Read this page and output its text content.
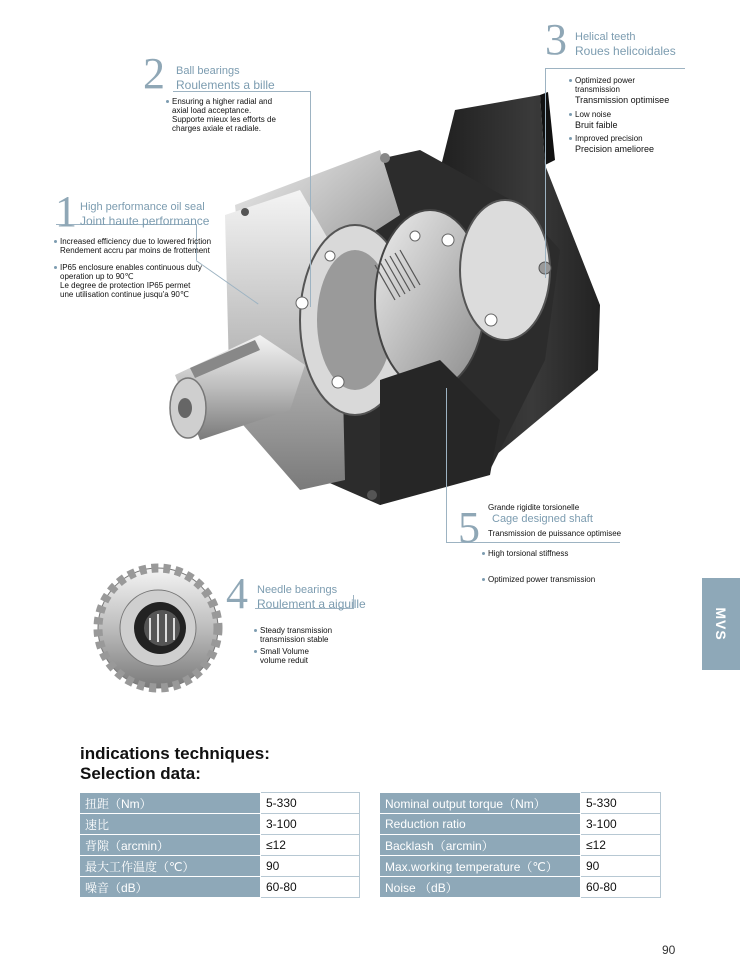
1 High performance oil seal
Joint haute performance
Increased efficiency due to lowered friction
Rendement accru par moins de frottement
IP65 enclosure enables continuous duty
operation up to 90℃
Le degree de protection IP65 permet
une utilisation continue jusqu'a 90℃
2 Ball bearings
Roulements a bille
Ensuring a higher radial and
axial load acceptance.
Supporte mieux les efforts de
charges axiale et radiale.
3 Helical teeth
Roues helicoidales
Optimized power
transmission
Transmission optimisee
Low noise
Bruit faible
Improved precision
Precision amelioree
5 Grande rigidite torsionelle
Cage designed shaft
Transmission de puissance optimisee
High torsional stiffness
Optimized power transmission
4 Needle bearings
Roulement a aiguille
Steady transmission
transmission stable
Small Volume
volume reduit
MVS
indications techniques:
Selection data:
扭距（Nm）	5-330
速比	3-100
背隙（arcmin）	≤12
最大工作温度（℃）	90
噪音（dB）	60-80
Nominal output torque（Nm）	5-330
Reduction ratio	3-100
Backlash（arcmin）	≤12
Max.working temperature（℃）	90
Noise （dB）	60-80
90
